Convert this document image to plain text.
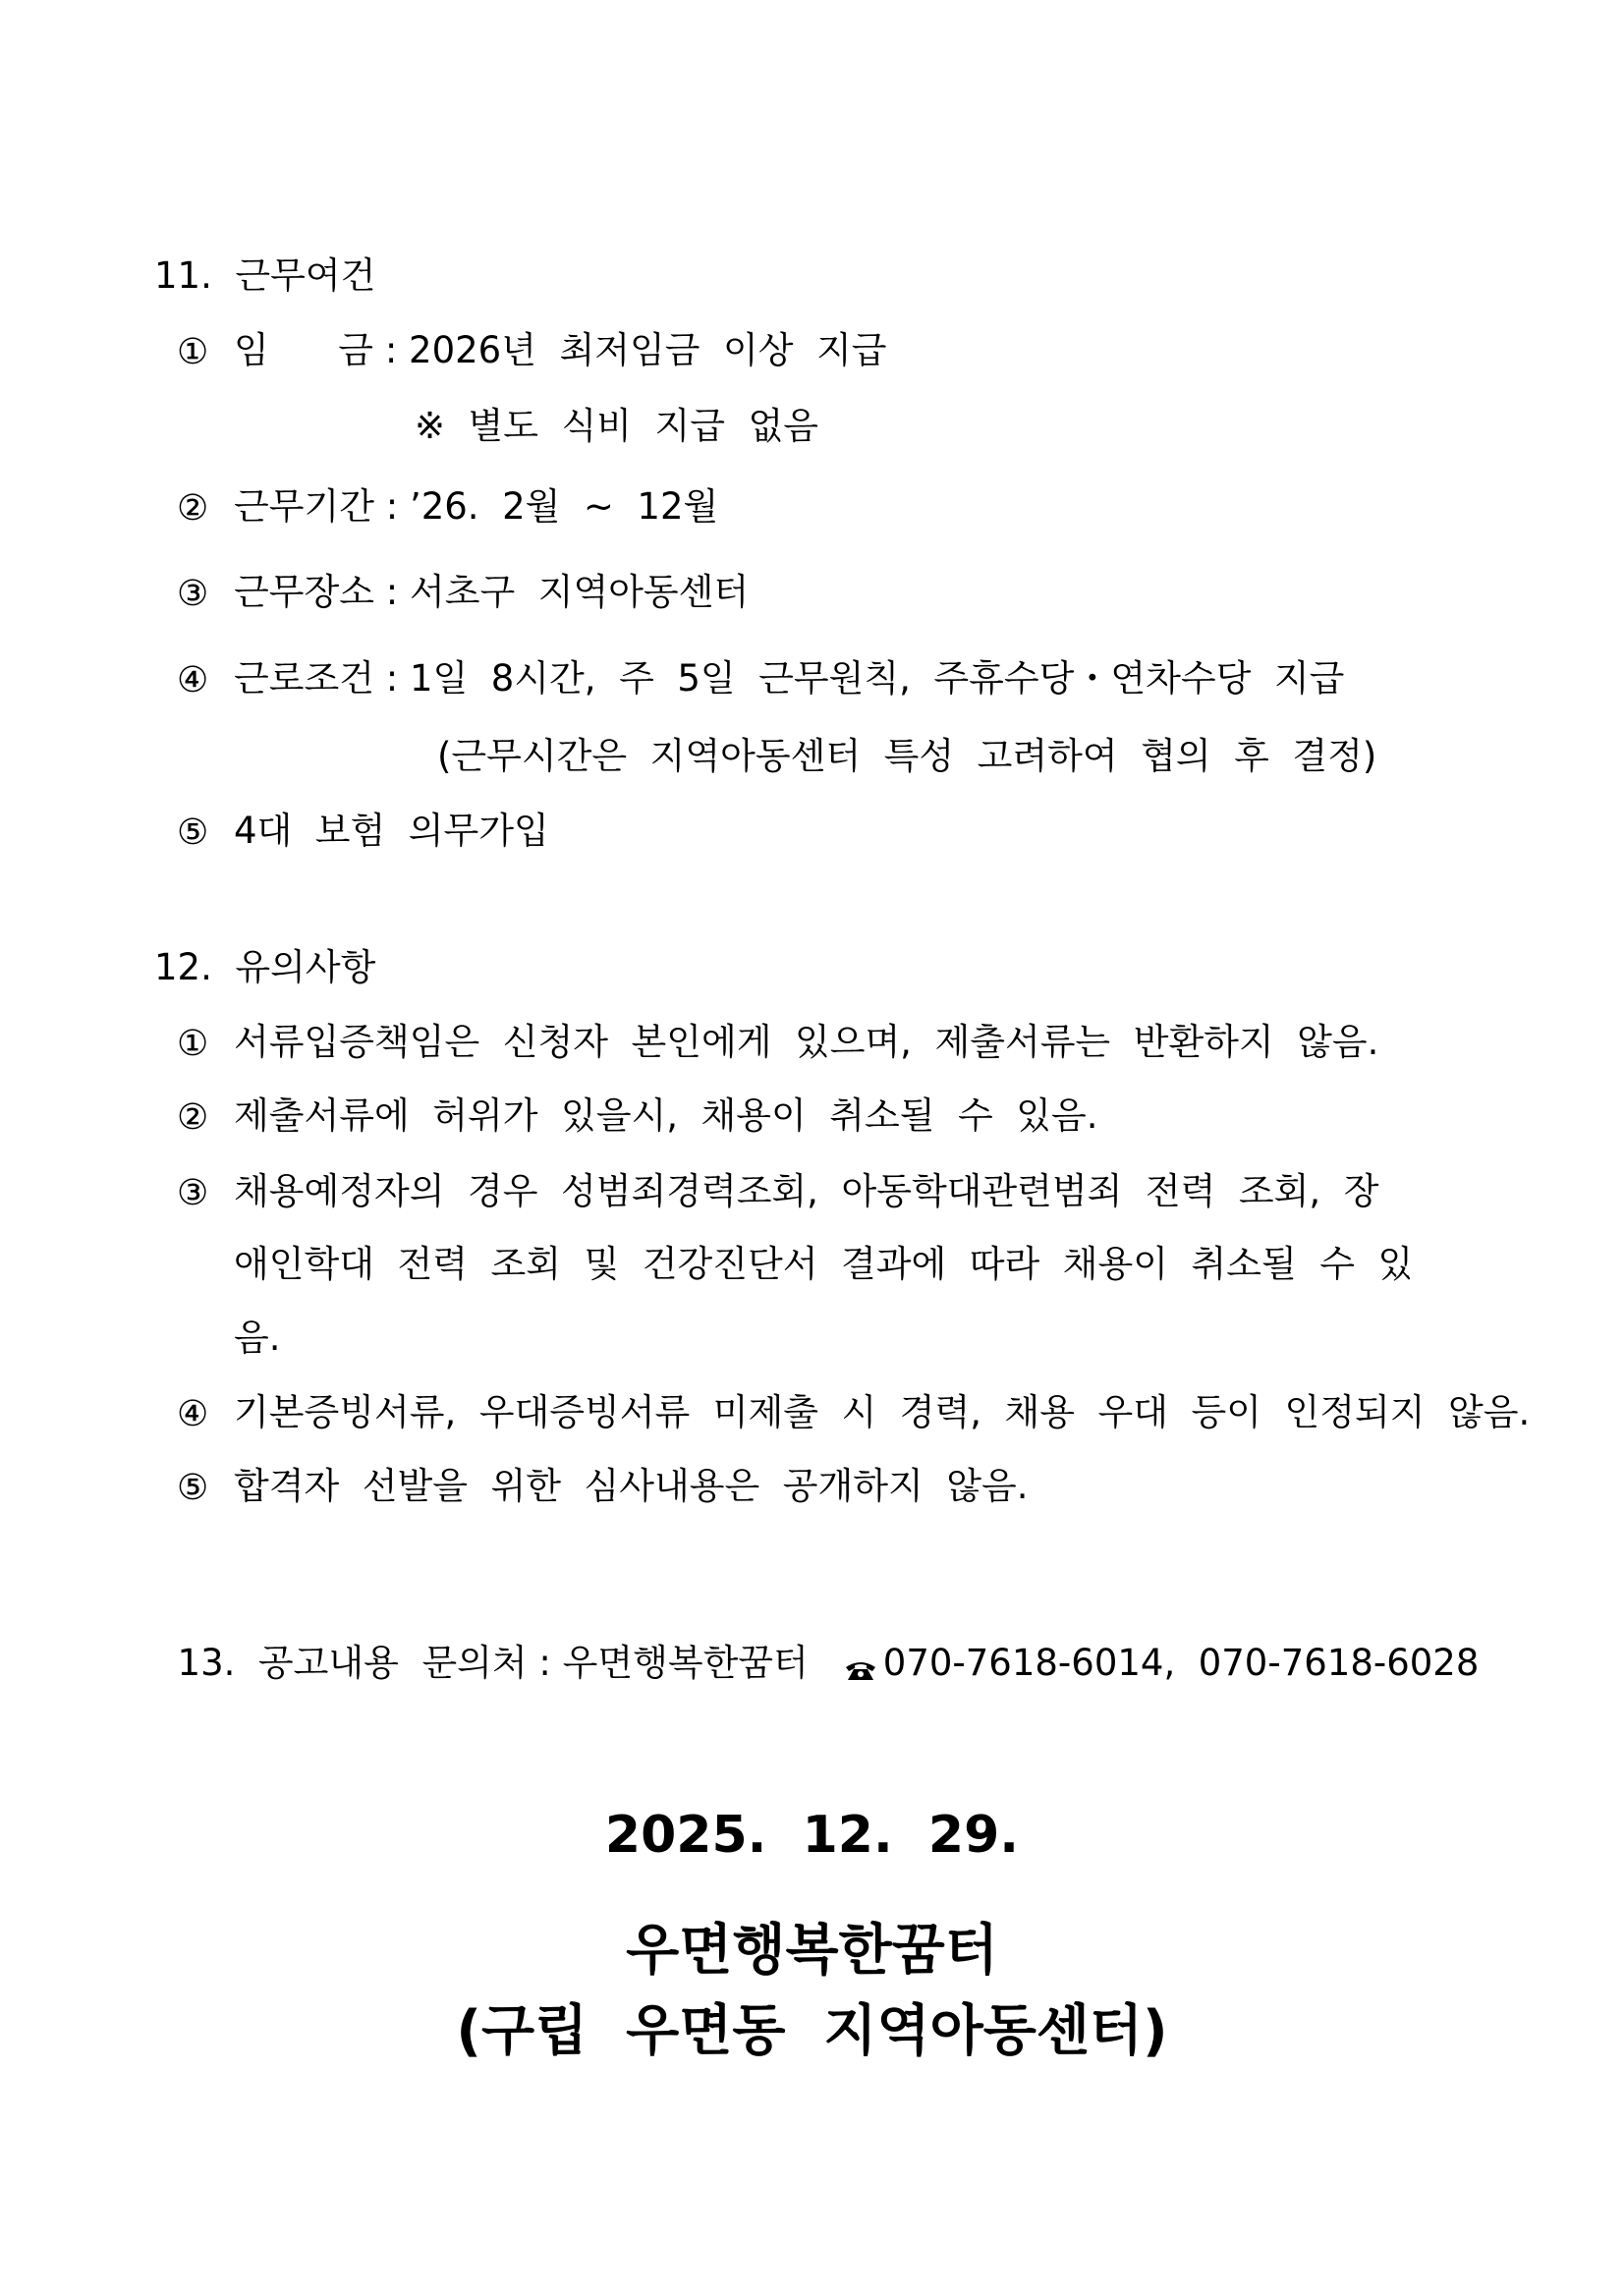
11.  근무여건
① 임      금 : 2026년  최저임금  이상  지급
※  별도  식비  지급  없음
② 근무기간 : ’26.  2월  ~  12월
③ 근무장소 : 서초구  지역아동센터
④ 근로조건 : 1일  8시간,  주  5일  근무원칙,  주휴수당・연차수당  지급
(근무시간은  지역아동센터  특성  고려하여  협의  후  결정)
⑤ 4대  보험  의무가입
12.  유의사항
① 서류입증책임은  신청자  본인에게  있으며,  제출서류는  반환하지  않음.
② 제출서류에  허위가  있을시,  채용이  취소될  수  있음.
③ 채용예정자의  경우  성범죄경력조회,  아동학대관련범죄  전력  조회,  장
애인학대  전력  조회  및  건강진단서  결과에  따라  채용이  취소될  수  있
음.
④ 기본증빙서류,  우대증빙서류  미제출  시  경력,  채용  우대  등이  인정되지  않음.
⑤ 합격자  선발을  위한  심사내용은  공개하지  않음.

13.  공고내용  문의처 : 우면행복한꿈터 070-7618-6014,  070-7618-6028

2025.  12.  29.
우면행복한꿈터
(구립  우면동  지역아동센터)
